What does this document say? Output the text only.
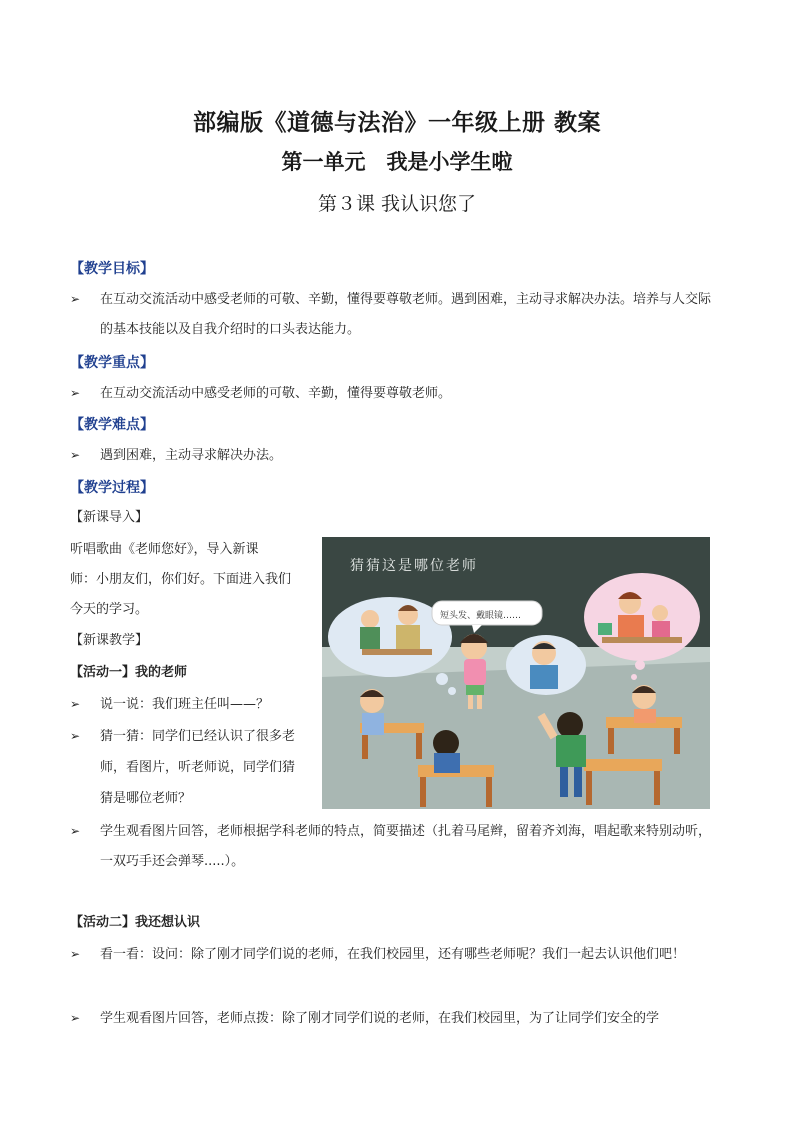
部编版《道德与法治》一年级上册 教案
第一单元　我是小学生啦
第３课 我认识您了
【教学目标】
➢ 在互动交流活动中感受老师的可敬、辛勤，懂得要尊敬老师。遇到困难，主动寻求解决办法。培养与人交际的基本技能以及自我介绍时的口头表达能力。
【教学重点】
➢ 在互动交流活动中感受老师的可敬、辛勤，懂得要尊敬老师。
【教学难点】
➢ 遇到困难，主动寻求解决办法。
【教学过程】
【新课导入】
听唱歌曲《老师您好》，导入新课
师：小朋友们，你们好。下面进入我们
今天的学习。
【新课教学】
【活动一】我的老师
➢ 说一说：我们班主任叫——？
➢ 猜一猜：同学们已经认识了很多老
师，看图片，听老师说，同学们猜
猜是哪位老师？
➢ 学生观看图片回答，老师根据学科老师的特点，简要描述（扎着马尾辫，留着齐刘海，唱起歌来特别动听，一双巧手还会弹琴.....）。
【活动二】我还想认识
➢ 看一看：设问：除了刚才同学们说的老师，在我们校园里，还有哪些老师呢？我们一起去认识他们吧！
➢ 学生观看图片回答，老师点拨：除了刚才同学们说的老师，在我们校园里，为了让同学们安全的学
猜猜这是哪位老师
短头发、戴眼镜……
